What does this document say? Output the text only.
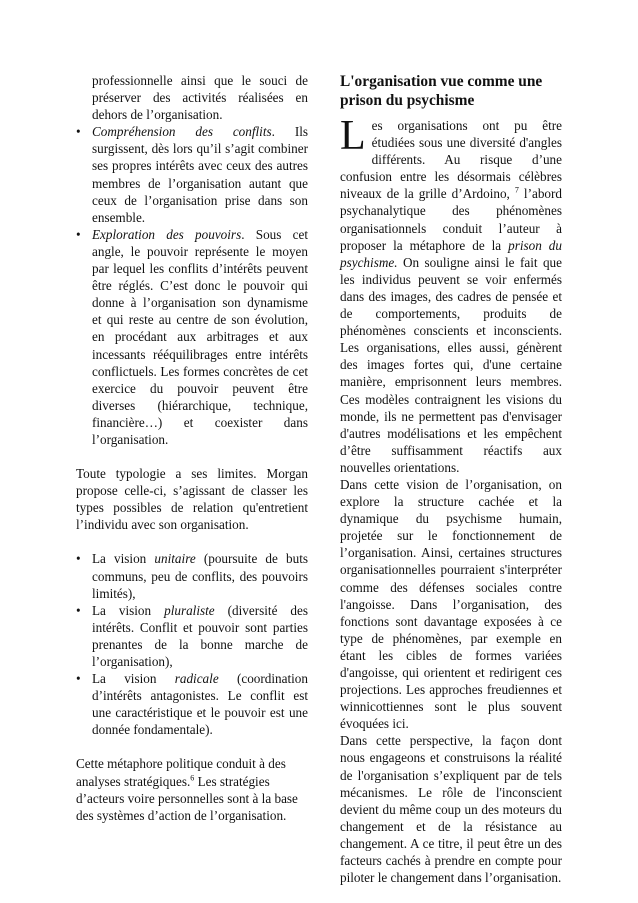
professionnelle ainsi que le souci de préserver des activités réalisées en dehors de l’organisation.

• Compréhension des conflits. Ils surgissent, dès lors qu’il s’agit combiner ses propres intérêts avec ceux des autres membres de l’organisation autant que ceux de l’organisation prise dans son ensemble.
• Exploration des pouvoirs. Sous cet angle, le pouvoir représente le moyen par lequel les conflits d’intérêts peuvent être réglés. C’est donc le pouvoir qui donne à l’organisation son dynamisme et qui reste au centre de son évolution, en procédant aux arbitrages et aux incessants rééquilibrages entre intérêts conflictuels. Les formes concrètes de cet exercice du pouvoir peuvent être diverses (hiérarchique, technique, financière…) et coexister dans l’organisation.

Toute typologie a ses limites. Morgan propose celle-ci, s’agissant de classer les types possibles de relation qu'entretient l’individu avec son organisation.

• La vision unitaire (poursuite de buts communs, peu de conflits, des pouvoirs limités),
• La vision pluraliste (diversité des intérêts. Conflit et pouvoir sont parties prenantes de la bonne marche de l’organisation),
• La vision radicale (coordination d’intérêts antagonistes. Le conflit est une caractéristique et le pouvoir est une donnée fondamentale).

Cette métaphore politique conduit à des analyses stratégiques.$^6$ Les stratégies d’acteurs voire personnelles sont à la base des systèmes d’action de l’organisation.

L'organisation vue comme une prison du psychisme

Les organisations ont pu être étudiées sous une diversité d'angles différents. Au risque d’une confusion entre les désormais célèbres niveaux de la grille d’Ardoino, $^7$ l’abord psychanalytique des phénomènes organisationnels conduit l’auteur à proposer la métaphore de la prison du psychisme. On souligne ainsi le fait que les individus peuvent se voir enfermés dans des images, des cadres de pensée et de comportements, produits de phénomènes conscients et inconscients. Les organisations, elles aussi, génèrent des images fortes qui, d'une certaine manière, emprisonnent leurs membres. Ces modèles contraignent les visions du monde, ils ne permettent pas d'envisager d'autres modélisations et les empêchent d’être suffisamment réactifs aux nouvelles orientations.

Dans cette vision de l’organisation, on explore la structure cachée et la dynamique du psychisme humain, projetée sur le fonctionnement de l’organisation. Ainsi, certaines structures organisationnelles pourraient s'interpréter comme des défenses sociales contre l'angoisse. Dans l’organisation, des fonctions sont davantage exposées à ce type de phénomènes, par exemple en étant les cibles de formes variées d'angoisse, qui orientent et redirigent ces projections. Les approches freudiennes et winnicottiennes sont le plus souvent évoquées ici.

Dans cette perspective, la façon dont nous engageons et construisons la réalité de l'organisation s’expliquent par de tels mécanismes. Le rôle de l'inconscient devient du même coup un des moteurs du changement et de la résistance au changement. A ce titre, il peut être un des facteurs cachés à prendre en compte pour piloter le changement dans l’organisation.
